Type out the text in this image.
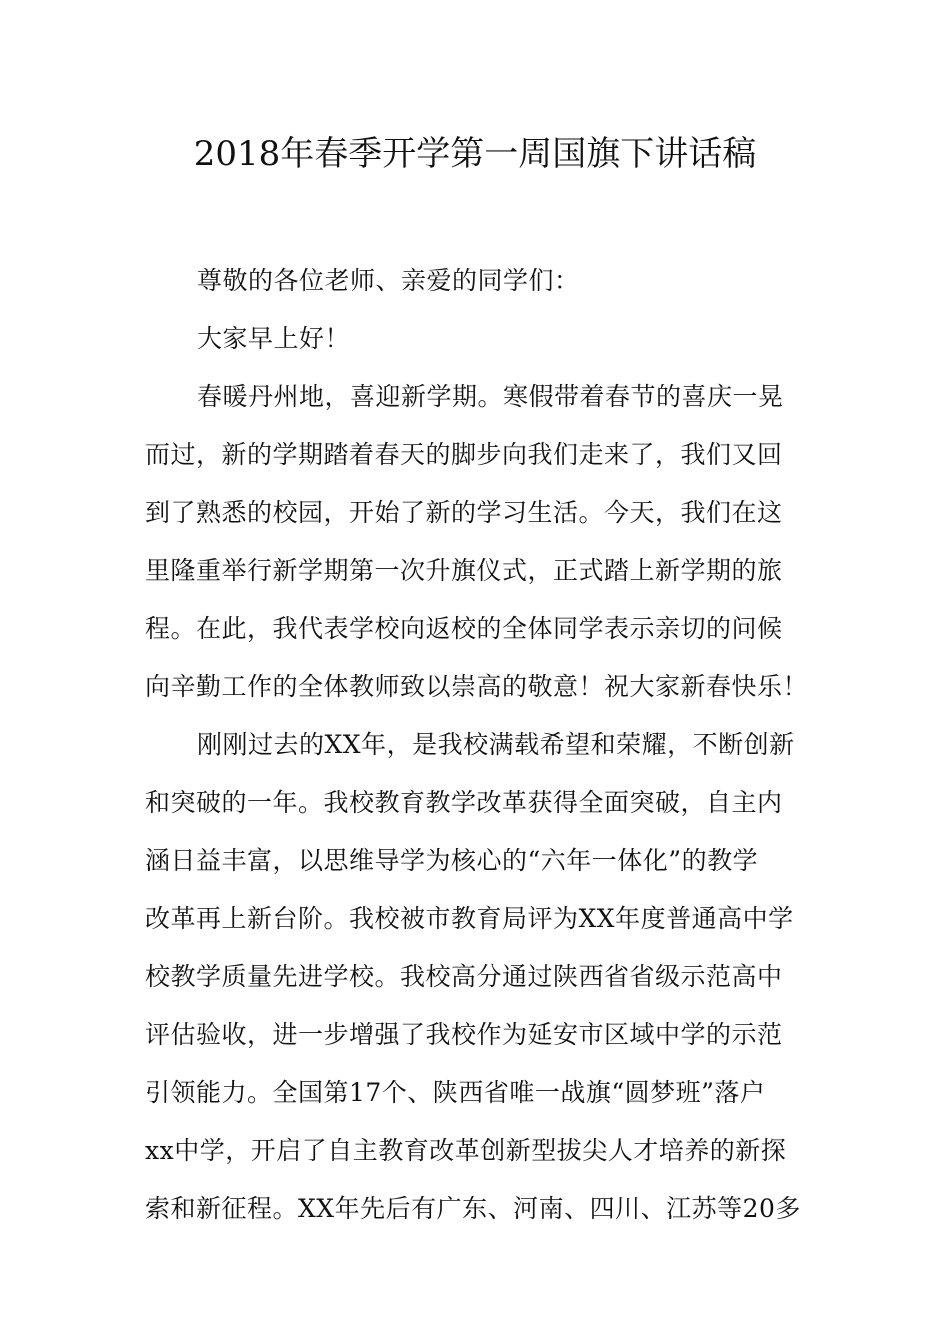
2018年春季开学第一周国旗下讲话稿
尊敬的各位老师、亲爱的同学们：
大家早上好！
春暖丹州地，喜迎新学期。寒假带着春节的喜庆一晃
而过，新的学期踏着春天的脚步向我们走来了，我们又回
到了熟悉的校园，开始了新的学习生活。今天，我们在这
里隆重举行新学期第一次升旗仪式，正式踏上新学期的旅
程。在此，我代表学校向返校的全体同学表示亲切的问候
向辛勤工作的全体教师致以崇高的敬意！祝大家新春快乐！
刚刚过去的XX年，是我校满载希望和荣耀，不断创新
和突破的一年。我校教育教学改革获得全面突破，自主内
涵日益丰富，以思维导学为核心的“六年一体化”的教学
改革再上新台阶。我校被市教育局评为XX年度普通高中学
校教学质量先进学校。我校高分通过陕西省省级示范高中
评估验收，进一步增强了我校作为延安市区域中学的示范
引领能力。全国第17个、陕西省唯一战旗“圆梦班”落户
xx中学，开启了自主教育改革创新型拔尖人才培养的新探
索和新征程。XX年先后有广东、河南、四川、江苏等20多
